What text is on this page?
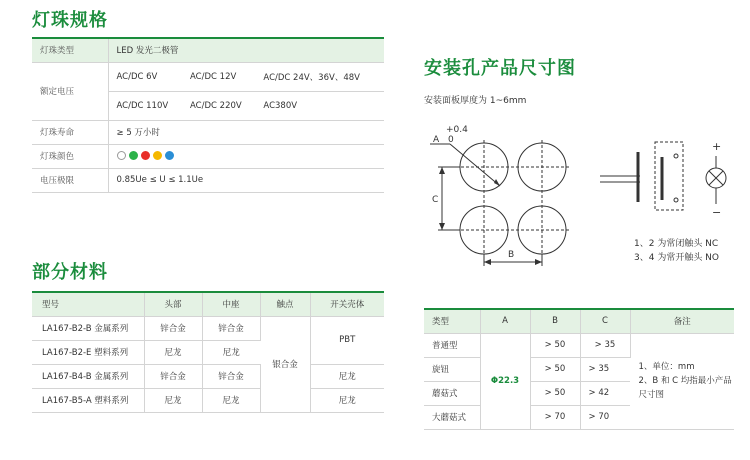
灯珠规格
灯珠类型	LED 发光二极管		
额定电压	AC/DC 6V	AC/DC 12V	AC/DC 24V、36V、48V
	AC/DC 110V	AC/DC 220V	AC380V
灯珠寿命	≥ 5 万小时		
灯珠颜色			
电压极限	0.85Ue ≤ U ≤ 1.1Ue		
部分材料
型号	头部	中座	触点	开关壳体
LA167-B2-B 金属系列	锌合金	锌合金	银合金	PBT
LA167-B2-E 塑料系列	尼龙	尼龙		
LA167-B4-B 金属系列	锌合金	锌合金		尼龙
LA167-B5-A 塑料系列	尼龙	尼龙		尼龙
安装孔产品尺寸图
安装面板厚度为 1~6mm
+0.4
A 0
C
B
+
−
1、2 为常闭触头 NC
3、4 为常开触头 NO
类型	A	B	C	备注
普通型	Φ22.3	> 50	> 35	1、单位：mm
2、B 和 C 均指最小产品尺寸图

旋钮		> 50	> 35	
蘑菇式		> 50	> 42	
大蘑菇式		> 70	> 70	
